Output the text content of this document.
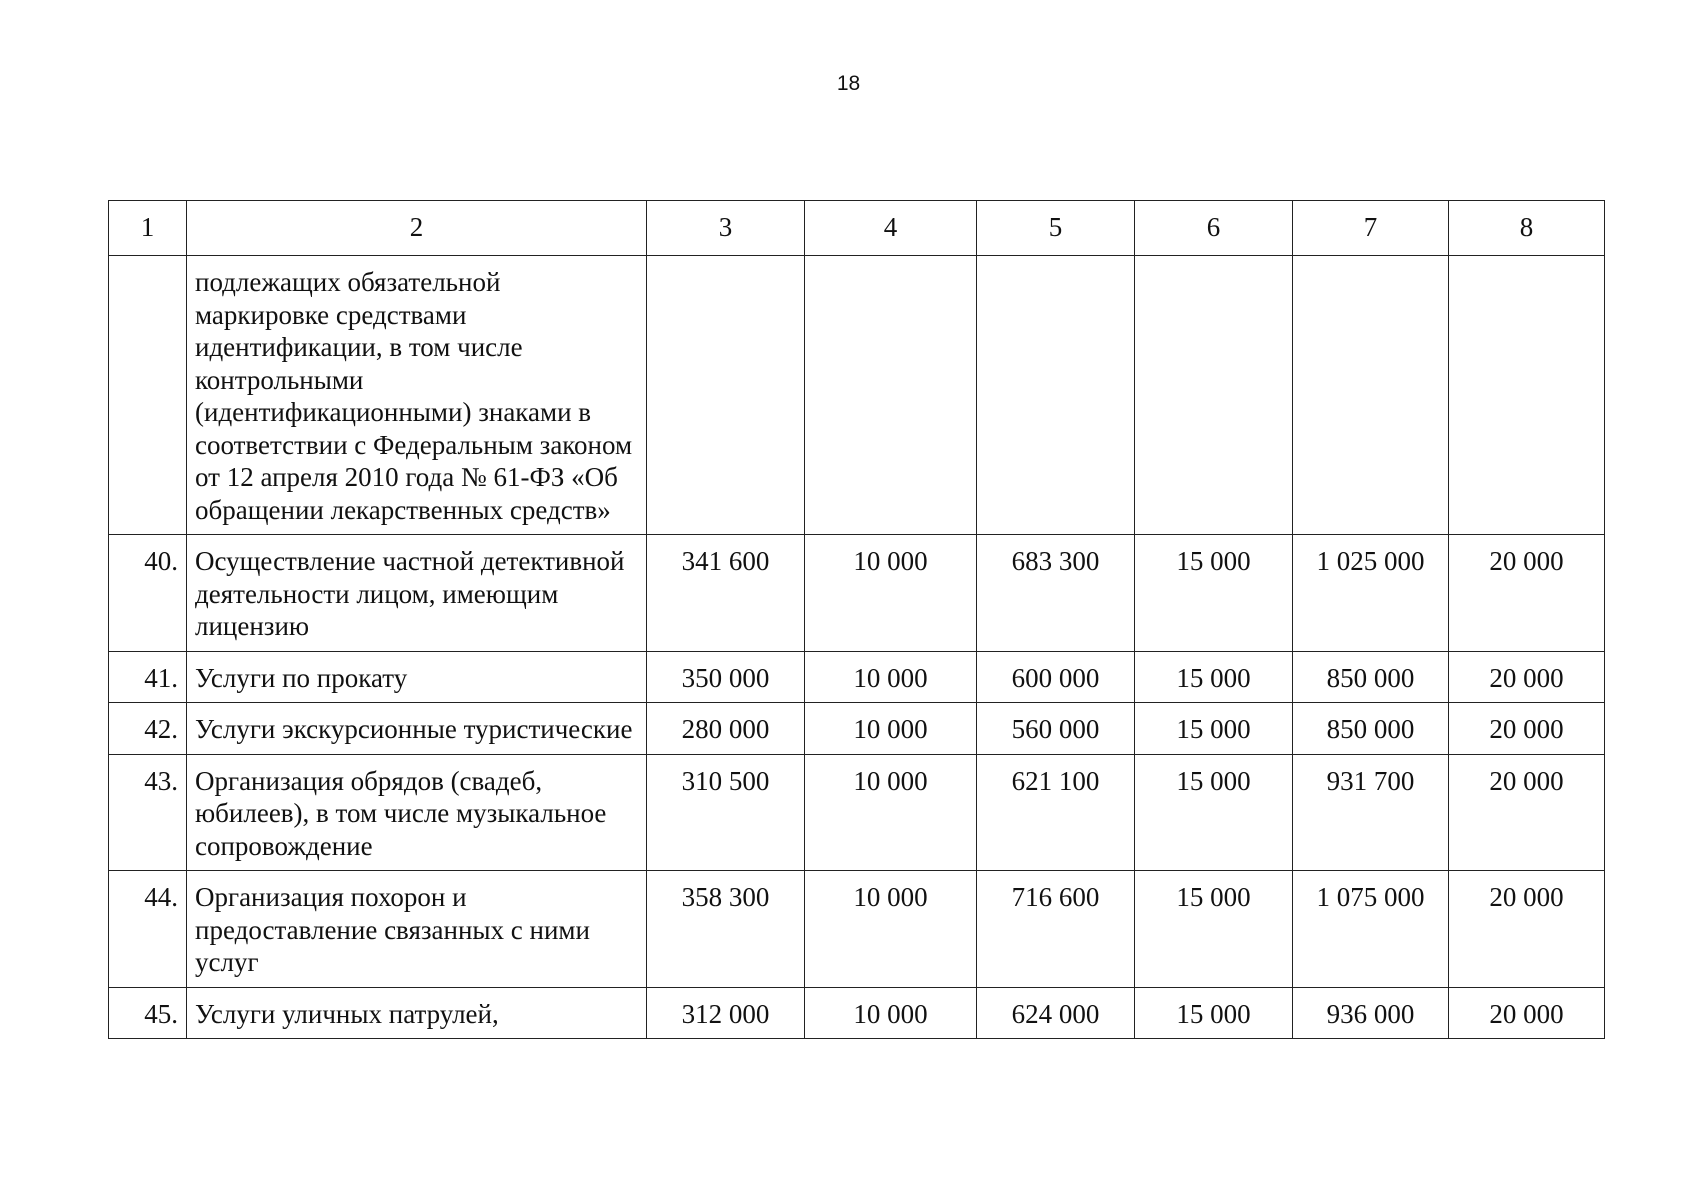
18
1	2	3	4	5	6	7	8
	подлежащих обязательной маркировке средствами идентификации, в том числе контрольными (идентификационными) знаками в соответствии с Федеральным законом от 12 апреля 2010 года № 61-ФЗ «Об обращении лекарственных средств»						
40.	Осуществление частной детективной деятельности лицом, имеющим лицензию	341 600	10 000	683 300	15 000	1 025 000	20 000
41.	Услуги по прокату	350 000	10 000	600 000	15 000	850 000	20 000
42.	Услуги экскурсионные туристические	280 000	10 000	560 000	15 000	850 000	20 000
43.	Организация обрядов (свадеб, юбилеев), в том числе музыкальное сопровождение	310 500	10 000	621 100	15 000	931 700	20 000
44.	Организация похорон и предоставление связанных с ними услуг	358 300	10 000	716 600	15 000	1 075 000	20 000
45.	Услуги уличных патрулей,	312 000	10 000	624 000	15 000	936 000	20 000
